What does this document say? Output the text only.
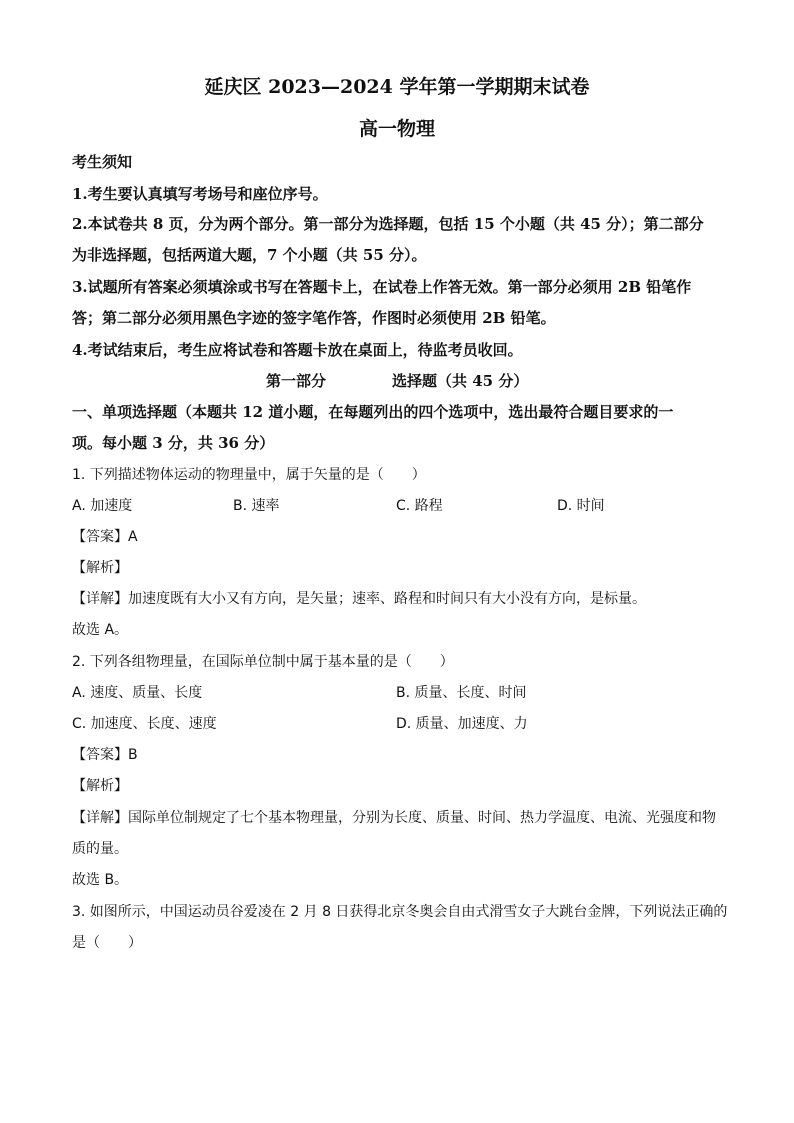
延庆区 2023—2024 学年第一学期期末试卷
高一物理
考生须知
1.考生要认真填写考场号和座位序号。
2.本试卷共 8 页，分为两个部分。第一部分为选择题，包括 15 个小题（共 45 分）；第二部分
为非选择题，包括两道大题，7 个小题（共 55 分）。
3.试题所有答案必须填涂或书写在答题卡上，在试卷上作答无效。第一部分必须用 2B 铅笔作
答；第二部分必须用黑色字迹的签字笔作答，作图时必须使用 2B 铅笔。
4.考试结束后，考生应将试卷和答题卡放在桌面上，待监考员收回。
第一部分	选择题（共 45 分）
一、单项选择题（本题共 12 道小题，在每题列出的四个选项中，选出最符合题目要求的一
项。每小题 3 分，共 36 分）
1. 下列描述物体运动的物理量中，属于矢量的是（　　）
A. 加速度	B. 速率	C. 路程	D. 时间
【答案】A
【解析】
【详解】加速度既有大小又有方向，是矢量；速率、路程和时间只有大小没有方向，是标量。
故选 A。
2. 下列各组物理量，在国际单位制中属于基本量的是（　　）
A. 速度、质量、长度	B. 质量、长度、时间
C. 加速度、长度、速度	D. 质量、加速度、力
【答案】B
【解析】
【详解】国际单位制规定了七个基本物理量，分别为长度、质量、时间、热力学温度、电流、光强度和物
质的量。
故选 B。
3. 如图所示，中国运动员谷爱凌在 2 月 8 日获得北京冬奥会自由式滑雪女子大跳台金牌，下列说法正确的
是（　　）
